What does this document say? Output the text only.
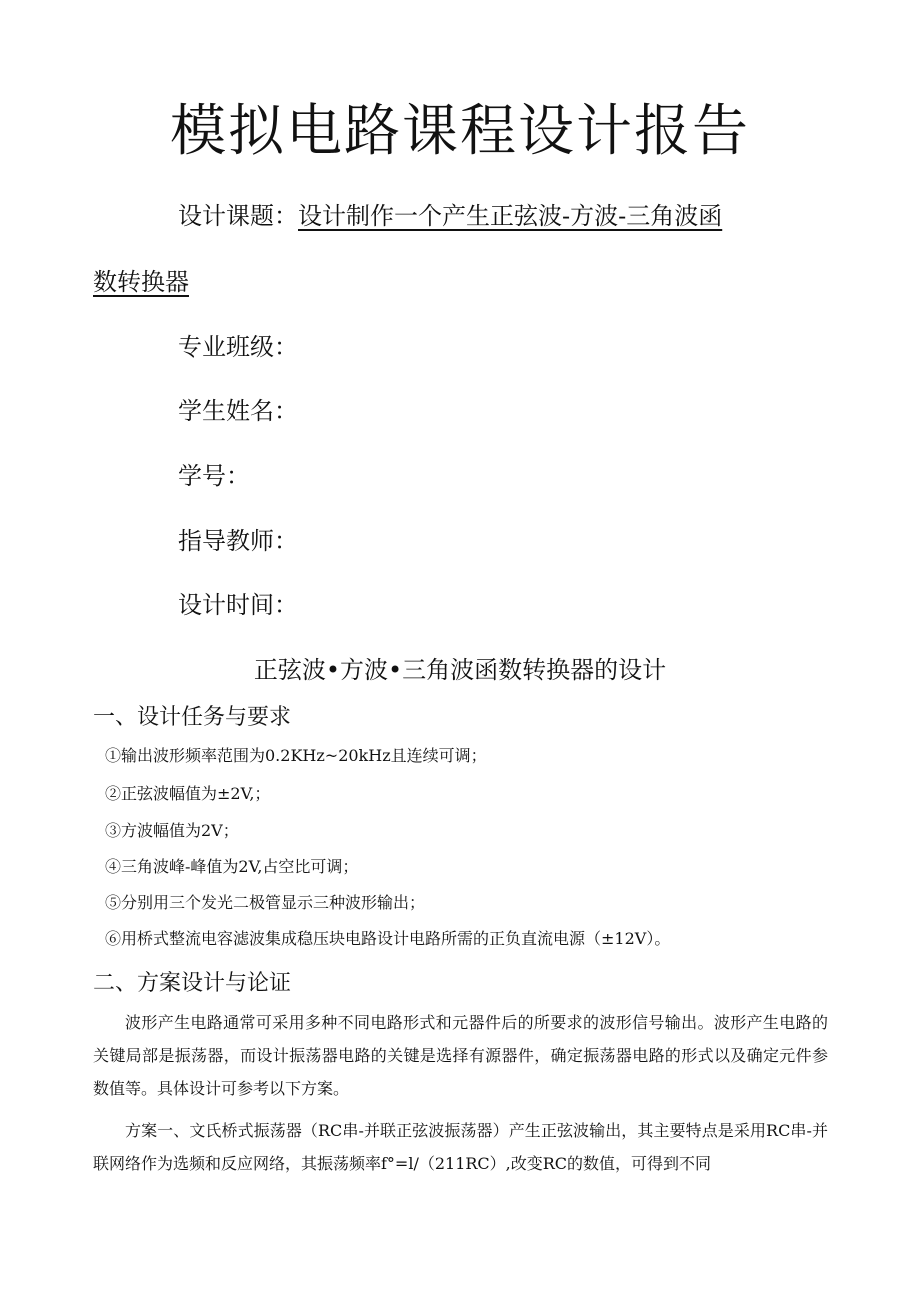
模拟电路课程设计报告
设计课题：设计制作一个产生正弦波-方波-三角波函
数转换器
专业班级：
学生姓名：
学号：
指导教师：
设计时间：
正弦波•方波•三角波函数转换器的设计
一、设计任务与要求
①输出波形频率范围为0.2KHz~20kHz且连续可调；
②正弦波幅值为±2V,；
③方波幅值为2V；
④三角波峰-峰值为2V,占空比可调；
⑤分别用三个发光二极管显示三种波形输出；
⑥用桥式整流电容滤波集成稳压块电路设计电路所需的正负直流电源（±12V）。
二、方案设计与论证
波形产生电路通常可采用多种不同电路形式和元器件后的所要求的波形信号输出。波形产生电路的关键局部是振荡器，而设计振荡器电路的关键是选择有源器件，确定振荡器电路的形式以及确定元件参数值等。具体设计可参考以下方案。
方案一、文氏桥式振荡器（RC串-并联正弦波振荡器）产生正弦波输出，其主要特点是采用RC串-并联网络作为选频和反应网络，其振荡频率f°=l/（211RC）,改变RC的数值，可得到不同
